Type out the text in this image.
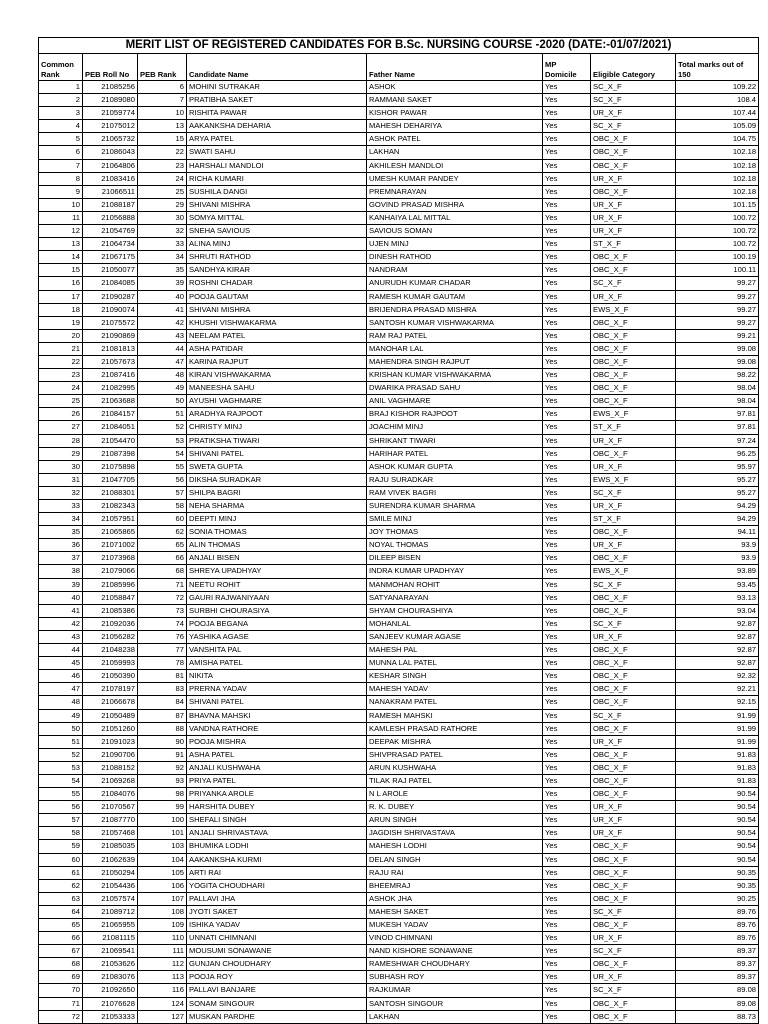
MERIT LIST OF REGISTERED CANDIDATES FOR B.Sc. NURSING COURSE -2020 (DATE:-01/07/2021)							
Common Rank	PEB Roll No	PEB Rank	Candidate Name	Father Name	MP Domicile	Eligible Category	Total marks out of 150
1	21085256	6	MOHINI SUTRAKAR	ASHOK	Yes	SC_X_F	109.22
2	21089080	7	PRATIBHA SAKET	RAMMANI SAKET	Yes	SC_X_F	108.4
3	21059774	10	RISHITA PAWAR	KISHOR PAWAR	Yes	UR_X_F	107.44
4	21075012	13	AAKANKSHA DEHARIA	MAHESH DEHARIYA	Yes	SC_X_F	105.09
5	21065732	15	ARYA PATEL	ASHOK PATEL	Yes	OBC_X_F	104.75
6	21086043	22	SWATI SAHU	LAKHAN	Yes	OBC_X_F	102.18
7	21064806	23	HARSHALI MANDLOI	AKHILESH MANDLOI	Yes	OBC_X_F	102.18
8	21083416	24	RICHA KUMARI	UMESH KUMAR PANDEY	Yes	UR_X_F	102.18
9	21066511	25	SUSHILA DANGI	PREMNARAYAN	Yes	OBC_X_F	102.18
10	21088187	29	SHIVANI MISHRA	GOVIND PRASAD MISHRA	Yes	UR_X_F	101.15
11	21056888	30	SOMYA MITTAL	KANHAIYA LAL MITTAL	Yes	UR_X_F	100.72
12	21054769	32	SNEHA SAVIOUS	SAVIOUS SOMAN	Yes	UR_X_F	100.72
13	21064734	33	ALINA MINJ	UJEN MINJ	Yes	ST_X_F	100.72
14	21067175	34	SHRUTI RATHOD	DINESH RATHOD	Yes	OBC_X_F	100.19
15	21050077	35	SANDHYA KIRAR	NANDRAM	Yes	OBC_X_F	100.11
16	21084085	39	ROSHNI CHADAR	ANURUDH KUMAR CHADAR	Yes	SC_X_F	99.27
17	21090287	40	POOJA GAUTAM	RAMESH KUMAR GAUTAM	Yes	UR_X_F	99.27
18	21090074	41	SHIVANI MISHRA	BRIJENDRA PRASAD MISHRA	Yes	EWS_X_F	99.27
19	21075572	42	KHUSHI VISHWAKARMA	SANTOSH KUMAR VISHWAKARMA	Yes	OBC_X_F	99.27
20	21090869	43	NEELAM PATEL	RAM RAJ PATEL	Yes	OBC_X_F	99.21
21	21081813	44	ASHA PATIDAR	MANOHAR LAL	Yes	OBC_X_F	99.08
22	21057673	47	KARINA RAJPUT	MAHENDRA SINGH RAJPUT	Yes	OBC_X_F	99.08
23	21087416	48	KIRAN VISHWAKARMA	KRISHAN KUMAR VISHWAKARMA	Yes	OBC_X_F	98.22
24	21082995	49	MANEESHA SAHU	DWARIKA PRASAD SAHU	Yes	OBC_X_F	98.04
25	21063688	50	AYUSHI VAGHMARE	ANIL VAGHMARE	Yes	OBC_X_F	98.04
26	21084157	51	ARADHYA RAJPOOT	BRAJ KISHOR RAJPOOT	Yes	EWS_X_F	97.81
27	21084051	52	CHRISTY MINJ	JOACHIM MINJ	Yes	ST_X_F	97.81
28	21054470	53	PRATIKSHA TIWARI	SHRIKANT TIWARI	Yes	UR_X_F	97.24
29	21087398	54	SHIVANI PATEL	HARIHAR PATEL	Yes	OBC_X_F	96.25
30	21075898	55	SWETA GUPTA	ASHOK KUMAR GUPTA	Yes	UR_X_F	95.97
31	21047705	56	DIKSHA SURADKAR	RAJU SURADKAR	Yes	EWS_X_F	95.27
32	21088301	57	SHILPA BAGRI	RAM VIVEK BAGRI	Yes	SC_X_F	95.27
33	21082343	58	NEHA SHARMA	SURENDRA KUMAR SHARMA	Yes	UR_X_F	94.29
34	21057951	60	DEEPTI MINJ	SMILE MINJ	Yes	ST_X_F	94.29
35	21065865	62	SONIA THOMAS	JOY THOMAS	Yes	OBC_X_F	94.11
36	21071002	65	ALIN THOMAS	NOYAL THOMAS	Yes	UR_X_F	93.9
37	21073968	66	ANJALI BISEN	DILEEP BISEN	Yes	OBC_X_F	93.9
38	21079066	68	SHREYA UPADHYAY	INDRA KUMAR UPADHYAY	Yes	EWS_X_F	93.89
39	21085996	71	NEETU ROHIT	MANMOHAN ROHIT	Yes	SC_X_F	93.45
40	21058847	72	GAURI RAJWANIYAAN	SATYANARAYAN	Yes	OBC_X_F	93.13
41	21085386	73	SURBHI CHOURASIYA	SHYAM CHOURASHIYA	Yes	OBC_X_F	93.04
42	21092036	74	POOJA BEGANA	MOHANLAL	Yes	SC_X_F	92.87
43	21056282	76	YASHIKA AGASE	SANJEEV KUMAR AGASE	Yes	UR_X_F	92.87
44	21048238	77	VANSHITA PAL	MAHESH PAL	Yes	OBC_X_F	92.87
45	21059993	78	AMISHA PATEL	MUNNA LAL PATEL	Yes	OBC_X_F	92.87
46	21050390	81	NIKITA	KESHAR SINGH	Yes	OBC_X_F	92.32
47	21078197	83	PRERNA YADAV	MAHESH YADAV	Yes	OBC_X_F	92.21
48	21066678	84	SHIVANI PATEL	NANAKRAM PATEL	Yes	OBC_X_F	92.15
49	21050489	87	BHAVNA MAHSKI	RAMESH MAHSKI	Yes	SC_X_F	91.99
50	21051260	88	VANDNA RATHORE	KAMLESH PRASAD RATHORE	Yes	OBC_X_F	91.99
51	21091023	90	POOJA MISHRA	DEEPAK MISHRA	Yes	UR_X_F	91.99
52	21090706	91	ASHA PATEL	SHIVPRASAD PATEL	Yes	OBC_X_F	91.83
53	21088152	92	ANJALI KUSHWAHA	ARUN KUSHWAHA	Yes	OBC_X_F	91.83
54	21069268	93	PRIYA PATEL	TILAK RAJ PATEL	Yes	OBC_X_F	91.83
55	21084076	98	PRIYANKA AROLE	N L AROLE	Yes	OBC_X_F	90.54
56	21070567	99	HARSHITA DUBEY	R. K. DUBEY	Yes	UR_X_F	90.54
57	21087770	100	SHEFALI SINGH	ARUN SINGH	Yes	UR_X_F	90.54
58	21057468	101	ANJALI SHRIVASTAVA	JAGDISH SHRIVASTAVA	Yes	UR_X_F	90.54
59	21085035	103	BHUMIKA LODHI	MAHESH LODHI	Yes	OBC_X_F	90.54
60	21062639	104	AAKANKSHA KURMI	DELAN SINGH	Yes	OBC_X_F	90.54
61	21050294	105	ARTI RAI	RAJU RAI	Yes	OBC_X_F	90.35
62	21054436	106	YOGITA CHOUDHARI	BHEEMRAJ	Yes	OBC_X_F	90.35
63	21057574	107	PALLAVI JHA	ASHOK JHA	Yes	OBC_X_F	90.25
64	21089712	108	JYOTI SAKET	MAHESH SAKET	Yes	SC_X_F	89.76
65	21065955	109	ISHIKA YADAV	MUKESH YADAV	Yes	OBC_X_F	89.76
66	21081115	110	UNNATI CHIMNANI	VINOD CHIMNANI	Yes	UR_X_F	89.76
67	21069541	111	MOUSUMI SONAWANE	NAND KISHORE SONAWANE	Yes	SC_X_F	89.37
68	21053626	112	GUNJAN CHOUDHARY	RAMESHWAR CHOUDHARY	Yes	OBC_X_F	89.37
69	21083076	113	POOJA ROY	SUBHASH ROY	Yes	UR_X_F	89.37
70	21092650	116	PALLAVI BANJARE	RAJKUMAR	Yes	SC_X_F	89.08
71	21076628	124	SONAM SINGOUR	SANTOSH SINGOUR	Yes	OBC_X_F	89.08
72	21053333	127	MUSKAN PARDHE	LAKHAN	Yes	OBC_X_F	88.73
